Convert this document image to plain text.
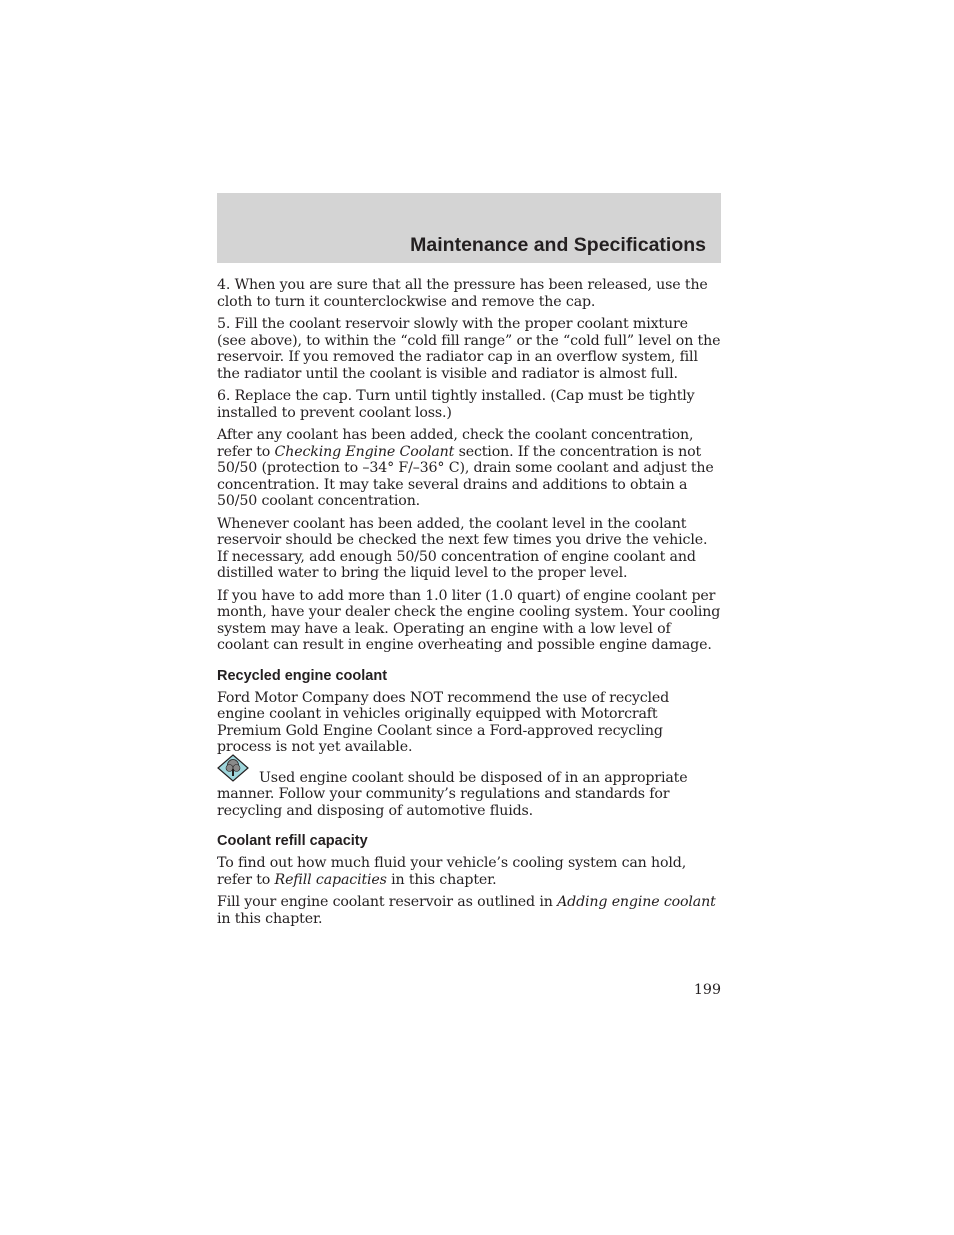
Maintenance and Specifications

4. When you are sure that all the pressure has been released, use the cloth to turn it counterclockwise and remove the cap.

5. Fill the coolant reservoir slowly with the proper coolant mixture (see above), to within the “cold fill range” or the “cold full” level on the reservoir. If you removed the radiator cap in an overflow system, fill the radiator until the coolant is visible and radiator is almost full.

6. Replace the cap. Turn until tightly installed. (Cap must be tightly installed to prevent coolant loss.)

After any coolant has been added, check the coolant concentration, refer to Checking Engine Coolant section. If the concentration is not 50/50 (protection to –34° F/–36° C), drain some coolant and adjust the concentration. It may take several drains and additions to obtain a 50/50 coolant concentration.

Whenever coolant has been added, the coolant level in the coolant reservoir should be checked the next few times you drive the vehicle. If necessary, add enough 50/50 concentration of engine coolant and distilled water to bring the liquid level to the proper level.

If you have to add more than 1.0 liter (1.0 quart) of engine coolant per month, have your dealer check the engine cooling system. Your cooling system may have a leak. Operating an engine with a low level of coolant can result in engine overheating and possible engine damage.

Recycled engine coolant

Ford Motor Company does NOT recommend the use of recycled engine coolant in vehicles originally equipped with Motorcraft Premium Gold Engine Coolant since a Ford-approved recycling process is not yet available.

Used engine coolant should be disposed of in an appropriate manner. Follow your community’s regulations and standards for recycling and disposing of automotive fluids.

Coolant refill capacity

To find out how much fluid your vehicle’s cooling system can hold, refer to Refill capacities in this chapter.

Fill your engine coolant reservoir as outlined in Adding engine coolant in this chapter.

199
